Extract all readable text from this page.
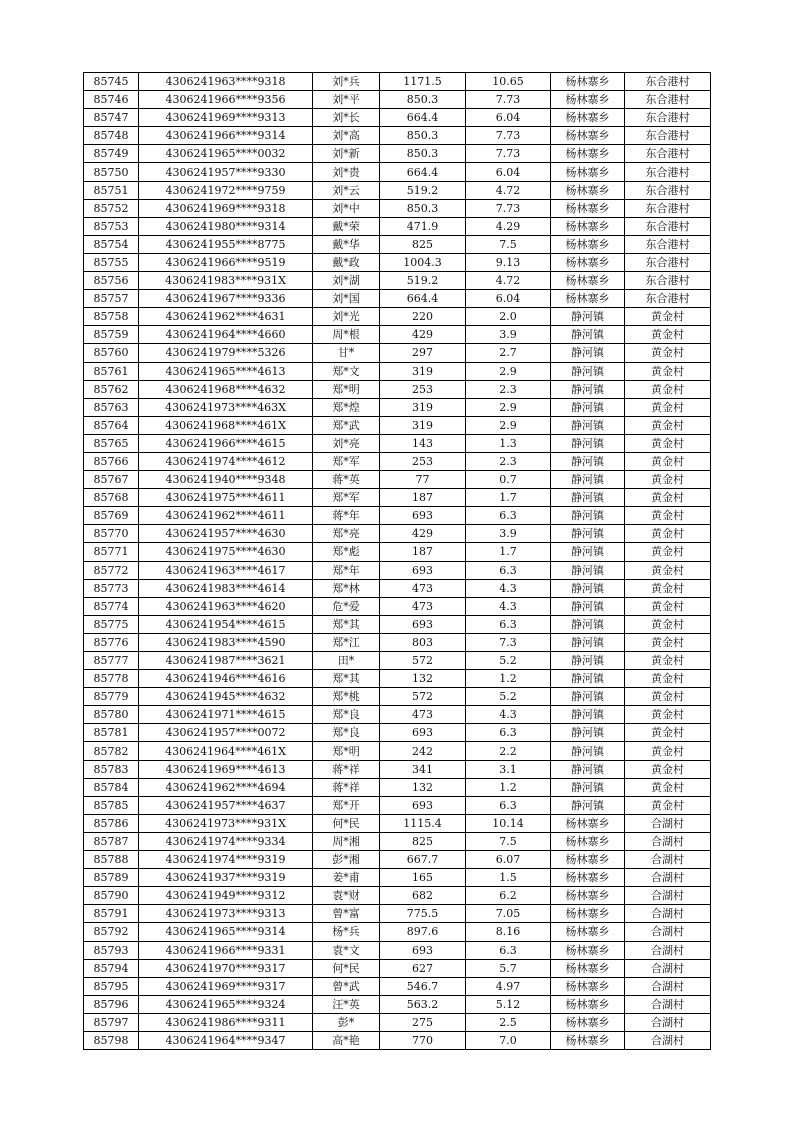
85745	4306241963****9318	刘*兵	1171.5	10.65	杨林寨乡	东合港村
85746	4306241966****9356	刘*平	850.3	7.73	杨林寨乡	东合港村
85747	4306241969****9313	刘*长	664.4	6.04	杨林寨乡	东合港村
85748	4306241966****9314	刘*高	850.3	7.73	杨林寨乡	东合港村
85749	4306241965****0032	刘*新	850.3	7.73	杨林寨乡	东合港村
85750	4306241957****9330	刘*贵	664.4	6.04	杨林寨乡	东合港村
85751	4306241972****9759	刘*云	519.2	4.72	杨林寨乡	东合港村
85752	4306241969****9318	刘*中	850.3	7.73	杨林寨乡	东合港村
85753	4306241980****9314	戴*荣	471.9	4.29	杨林寨乡	东合港村
85754	4306241955****8775	戴*华	825	7.5	杨林寨乡	东合港村
85755	4306241966****9519	戴*政	1004.3	9.13	杨林寨乡	东合港村
85756	4306241983****931X	刘*湖	519.2	4.72	杨林寨乡	东合港村
85757	4306241967****9336	刘*国	664.4	6.04	杨林寨乡	东合港村
85758	4306241962****4631	刘*光	220	2.0	静河镇	黄金村
85759	4306241964****4660	周*根	429	3.9	静河镇	黄金村
85760	4306241979****5326	甘*	297	2.7	静河镇	黄金村
85761	4306241965****4613	郑*文	319	2.9	静河镇	黄金村
85762	4306241968****4632	郑*明	253	2.3	静河镇	黄金村
85763	4306241973****463X	郑*煌	319	2.9	静河镇	黄金村
85764	4306241968****461X	郑*武	319	2.9	静河镇	黄金村
85765	4306241966****4615	刘*亮	143	1.3	静河镇	黄金村
85766	4306241974****4612	郑*军	253	2.3	静河镇	黄金村
85767	4306241940****9348	蒋*英	77	0.7	静河镇	黄金村
85768	4306241975****4611	郑*军	187	1.7	静河镇	黄金村
85769	4306241962****4611	蒋*年	693	6.3	静河镇	黄金村
85770	4306241957****4630	郑*亮	429	3.9	静河镇	黄金村
85771	4306241975****4630	郑*彪	187	1.7	静河镇	黄金村
85772	4306241963****4617	郑*年	693	6.3	静河镇	黄金村
85773	4306241983****4614	郑*林	473	4.3	静河镇	黄金村
85774	4306241963****4620	危*爱	473	4.3	静河镇	黄金村
85775	4306241954****4615	郑*其	693	6.3	静河镇	黄金村
85776	4306241983****4590	郑*江	803	7.3	静河镇	黄金村
85777	4306241987****3621	田*	572	5.2	静河镇	黄金村
85778	4306241946****4616	郑*其	132	1.2	静河镇	黄金村
85779	4306241945****4632	郑*桃	572	5.2	静河镇	黄金村
85780	4306241971****4615	郑*良	473	4.3	静河镇	黄金村
85781	4306241957****0072	郑*良	693	6.3	静河镇	黄金村
85782	4306241964****461X	郑*明	242	2.2	静河镇	黄金村
85783	4306241969****4613	蒋*祥	341	3.1	静河镇	黄金村
85784	4306241962****4694	蒋*祥	132	1.2	静河镇	黄金村
85785	4306241957****4637	郑*开	693	6.3	静河镇	黄金村
85786	4306241973****931X	何*民	1115.4	10.14	杨林寨乡	合湖村
85787	4306241974****9334	周*湘	825	7.5	杨林寨乡	合湖村
85788	4306241974****9319	彭*湘	667.7	6.07	杨林寨乡	合湖村
85789	4306241937****9319	姜*甫	165	1.5	杨林寨乡	合湖村
85790	4306241949****9312	袁*财	682	6.2	杨林寨乡	合湖村
85791	4306241973****9313	曾*富	775.5	7.05	杨林寨乡	合湖村
85792	4306241965****9314	杨*兵	897.6	8.16	杨林寨乡	合湖村
85793	4306241966****9331	袁*文	693	6.3	杨林寨乡	合湖村
85794	4306241970****9317	何*民	627	5.7	杨林寨乡	合湖村
85795	4306241969****9317	曾*武	546.7	4.97	杨林寨乡	合湖村
85796	4306241965****9324	汪*英	563.2	5.12	杨林寨乡	合湖村
85797	4306241986****9311	彭*	275	2.5	杨林寨乡	合湖村
85798	4306241964****9347	高*艳	770	7.0	杨林寨乡	合湖村
